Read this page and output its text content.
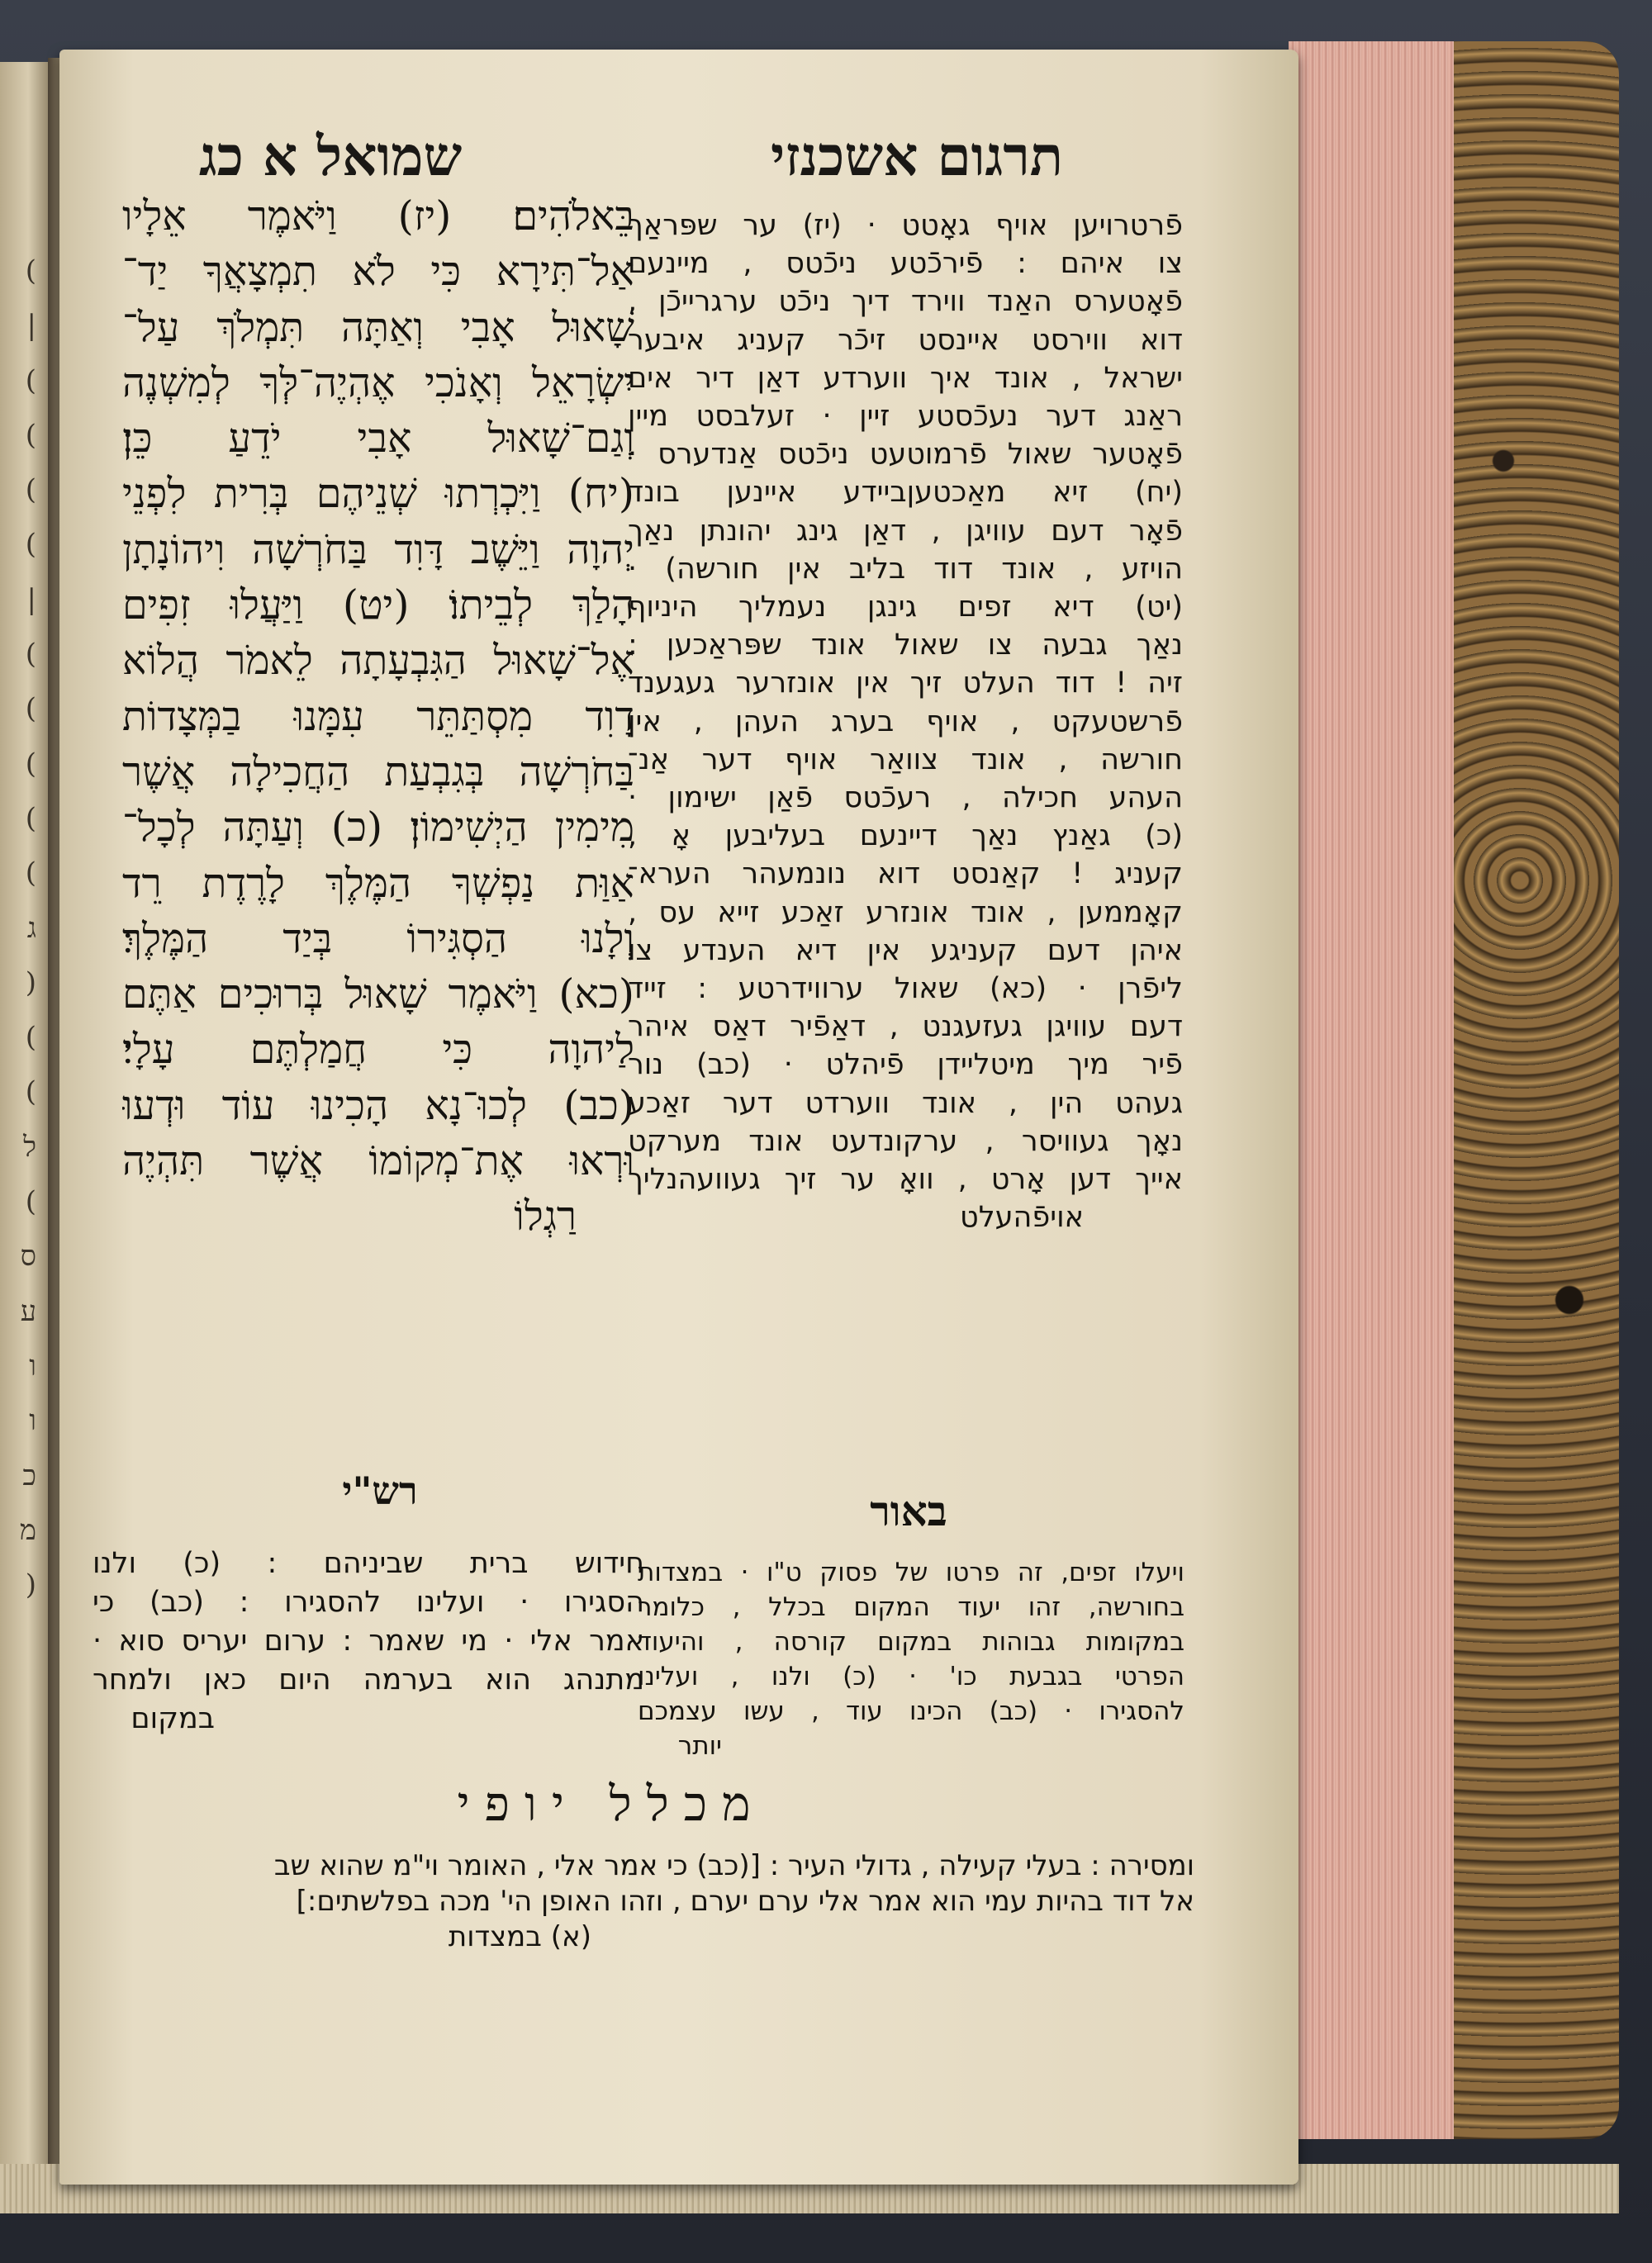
(
|
(
(
(
(
|
(
(
(
(
(
ג
)
(
(
ל
(
ס
ע
ו
ו
כ
מ
)
שמואל א כג	תרגום אשכנזי
בֵּאלֹהִים׃ (יז) וַיֹּאמֶר אֵלָיו
אַל־תִּירָא כִּי לֹא תִמְצָאֲךָ יַד־
שָׁאוּל אָבִי וְאַתָּה תִּמְלֹךְ עַל־
יִשְׂרָאֵל וְאָנֹכִי אֶהְיֶה־לְּךָ לְמִשְׁנֶה
וְגַם־שָׁאוּל אָבִי יֹדֵעַ כֵּן׃
(יח) וַיִּכְרְתוּ שְׁנֵיהֶם בְּרִית לִפְנֵי
יְהוָה וַיֵּשֶׁב דָּוִד בַּחֹרְשָׁה וִיהוֹנָתָן
הָלַךְ לְבֵיתוֹ׃ (יט) וַיַּעֲלוּ זִפִים
אֶל־שָׁאוּל הַגִּבְעָתָה לֵאמֹר הֲלוֹא
דָוִד מִסְתַּתֵּר עִמָּנוּ בַמְּצָדוֹת
בַּחֹרְשָׁה בְּגִבְעַת הַחֲכִילָה אֲשֶׁר
מִימִין הַיְשִׁימוֹן׃ (כ) וְעַתָּה לְכָל־
אַוַּת נַפְשְׁךָ הַמֶּלֶךְ לָרֶדֶת רֵד
וְלָנוּ הַסְגִּירוֹ בְּיַד הַמֶּלֶךְ׃
(כא) וַיֹּאמֶר שָׁאוּל בְּרוּכִים אַתֶּם
לַיהוָה כִּי חֲמַלְתֶּם עָלָי׃
(כב) לְכוּ־נָא הָכִינוּ עוֹד וּדְעוּ
וּרְאוּ אֶת־מְקוֹמוֹ אֲשֶׁר תִּהְיֶה
רַגְלוֹ
פֿרטרויען אויף גאָטט · (יז) ער שפּראַך
צו איהם : פֿירכֿטע ניכֿטס , מיינעם
פֿאָטערס האַנד ווירד דיך ניכֿט ערגרייכֿן ,
דוא ווירסט איינסט זיכֿר קעניג איבער
ישראל , אונד איך ווערדע דאַן דיר אים
ראַנג דער נעכֿסטע זיין · זעלבסט מיין
פֿאָטער שאול פֿרמוטעט ניכֿטס אַנדערס ·
(יח) זיא מאַכטעןביידע איינען בונד
פֿאָר דעם עוויגן , דאַן גינג יהונתן נאַך
הויזע , אונד דוד בליב אין חורשה) ·
(יט) דיא זפים גינגן נעמליך היניוף
נאַך גבעה צו שאול אונד שפּראַכען :
זיה ! דוד העלט זיך אין אונזרער געגענד
פֿרשטעקט , אויף בערג העהן , אין
חורשה , אונד צוואַר אויף דער אַנ־
העהע חכילה , רעכֿטס פֿאַן ישימון ·
(כ) גאַנץ נאַך דיינעם בעליבען אָ ,
קעניג ! קאַנסט דוא נונמעהר הערא־
קאָממען , אונד אונזרע זאַכע זייא עס ,
איהן דעם קעניגע אין דיא הענדע צו
ליפֿרן · (כא) שאול ערווידרטע : זייד
דעם עוויגן געזעגנט , דאַפֿיר דאַס איהר
פֿיר מיך מיטליידן פֿיהלט · (כב) נור
געהט הין , אונד ווערדט דער זאַכע
נאָך געוויסר , ערקונדעט אונד מערקט
אייך דען אָרט , וואָ ער זיך געוועהנליך
אויפֿהעלט
רש"י
חידוש ברית שביניהם : (כ) ולנו
הסגירו · ועלינו להסגירו : (כב) כי
אמר אלי · מי שאמר : ערום יעריס סוא ·
מתנהג הוא בערמה היום כאן ולמחר
במקום
באור
ויעלו זפים, זה פרטו של פסוק ט"ו · במצדות
בחורשה, זהו יעוד המקום בכלל , כלומר
במקומות גבוהות במקום קורסה , והיעוד
הפרטי בגבעת כו' · (כ) ולנו , ועלינו
להסגירו · (כב) הכינו עוד , עשו עצמכם
יותר
מכלל יופי
ומסירה : בעלי קעילה , גדולי העיר : [(כב) כי אמר אלי , האומר וי"מ שהוא שב
אל דוד בהיות עמי הוא אמר אלי ערם יערם , וזהו האופן הי' מכה בפלשתים:]
(א) במצדות
